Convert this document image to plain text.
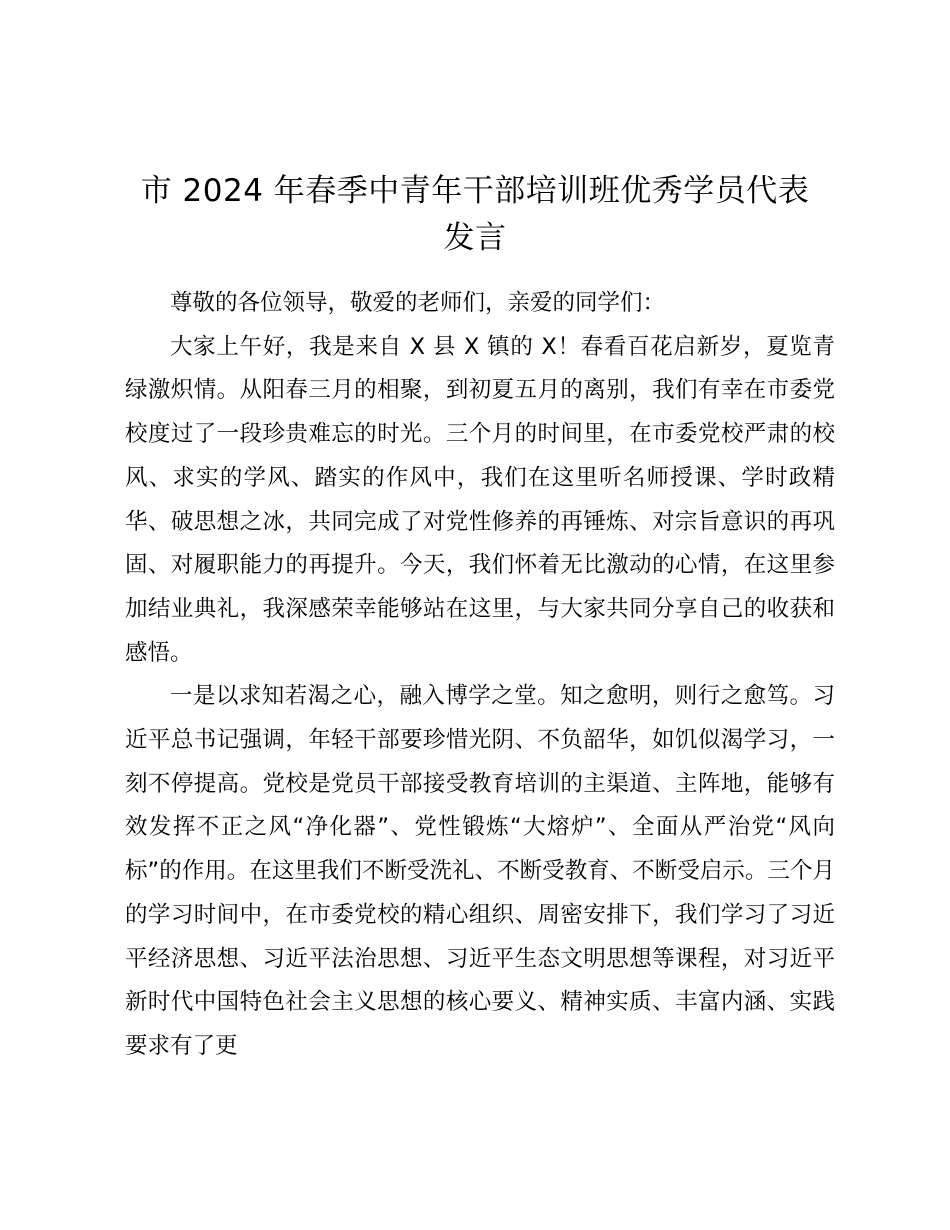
市 2024 年春季中青年干部培训班优秀学员代表发言

尊敬的各位领导，敬爱的老师们，亲爱的同学们：

大家上午好，我是来自 X 县 X 镇的 X！春看百花启新岁，夏览青绿激炽情。从阳春三月的相聚，到初夏五月的离别，我们有幸在市委党校度过了一段珍贵难忘的时光。三个月的时间里，在市委党校严肃的校风、求实的学风、踏实的作风中，我们在这里听名师授课、学时政精华、破思想之冰，共同完成了对党性修养的再锤炼、对宗旨意识的再巩固、对履职能力的再提升。今天，我们怀着无比激动的心情，在这里参加结业典礼，我深感荣幸能够站在这里，与大家共同分享自己的收获和感悟。

一是以求知若渴之心，融入博学之堂。知之愈明，则行之愈笃。习近平总书记强调，年轻干部要珍惜光阴、不负韶华，如饥似渴学习，一刻不停提高。党校是党员干部接受教育培训的主渠道、主阵地，能够有效发挥不正之风“净化器”、党性锻炼“大熔炉”、全面从严治党“风向标”的作用。在这里我们不断受洗礼、不断受教育、不断受启示。三个月的学习时间中，在市委党校的精心组织、周密安排下，我们学习了习近平经济思想、习近平法治思想、习近平生态文明思想等课程，对习近平新时代中国特色社会主义思想的核心要义、精神实质、丰富内涵、实践要求有了更
